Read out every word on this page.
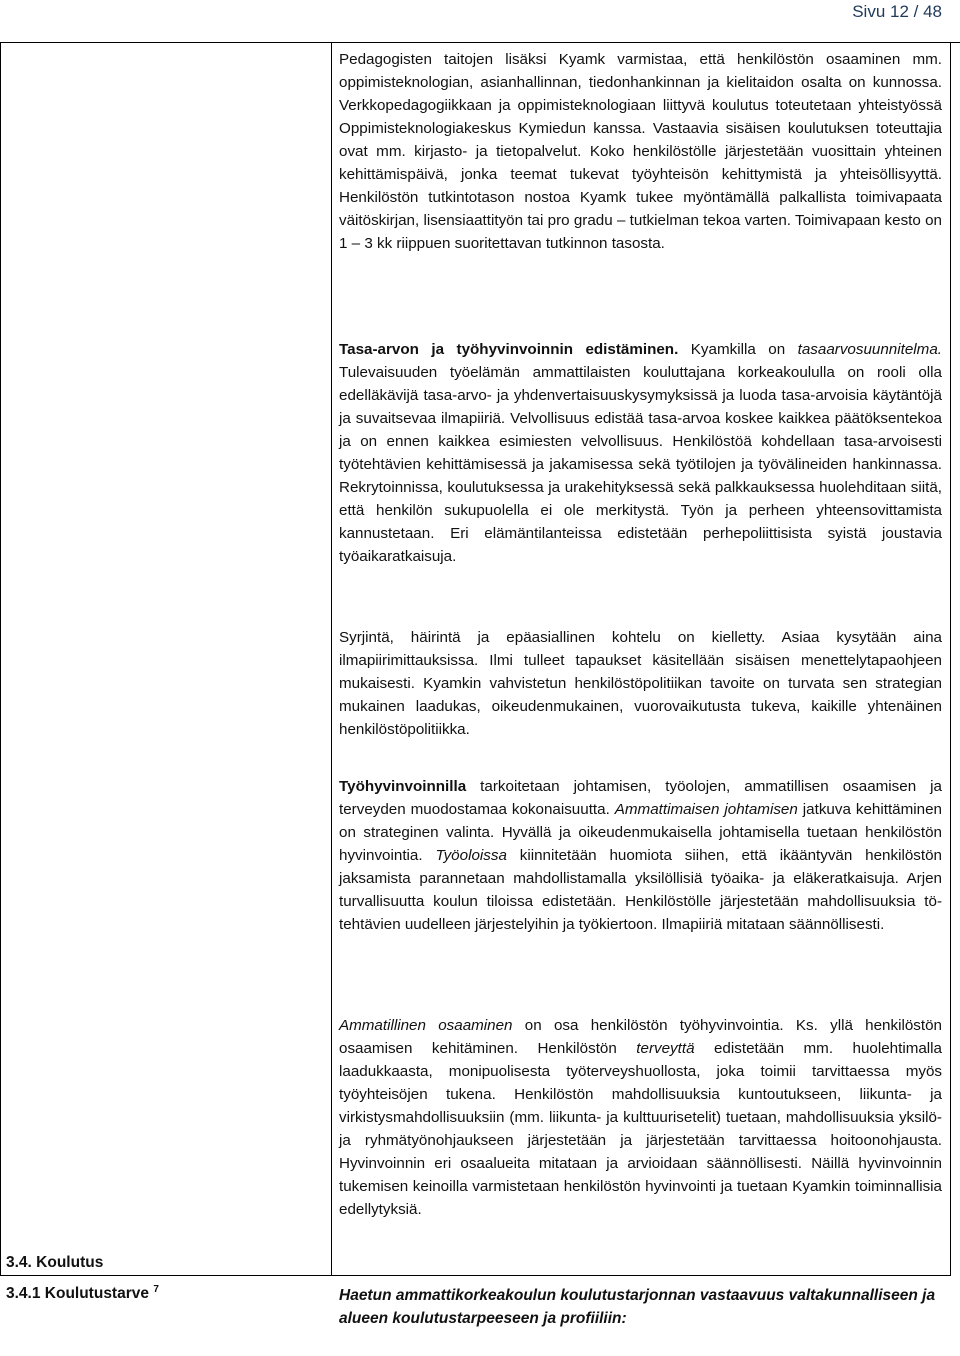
Sivu 12 / 48

Pedagogisten taitojen lisäksi Kyamk varmistaa, että henkilöstön osaaminen mm. oppimisteknologian, asianhallinnan, tiedonhankinnan ja kielitaidon osalta on kunnossa. Verkkopedagogiikkaan ja oppimisteknologiaan liittyvä koulutus toteutetaan yhteistyössä Oppimisteknologiakeskus Kymiedun kanssa. Vastaavia sisäisen koulutuksen toteuttajia ovat mm. kirjasto- ja tietopalvelut. Koko henkilöstölle järjestetään vuosittain yhteinen kehittämispäivä, jonka teemat tukevat työyhteisön kehittymistä ja yhteisöllisyyttä. Henkilöstön tutkintotason nostoa Kyamk tukee myöntämällä palkallista toimivapaata väitöskirjan, lisensiaattityön tai pro gradu – tutkielman tekoa varten. Toimivapaan kesto on 1 – 3 kk riippuen suoritettavan tutkinnon tasosta.

Tasa-arvon ja työhyvinvoinnin edistäminen. Kyamkilla on tasaarvosuunnitelma. Tulevaisuuden työelämän ammattilaisten kouluttajana korkeakoululla on rooli olla edelläkävijä tasa-arvo- ja yhdenvertaisuuskysymyksissä ja luoda tasa-arvoisia käytäntöjä ja suvaitsevaa ilmapiiriä. Velvollisuus edistää tasa-arvoa koskee kaikkea päätöksentekoa ja on ennen kaikkea esimiesten velvollisuus. Henkilöstöä kohdellaan tasa-arvoisesti työtehtävien kehittämisessä ja jakamisessa sekä työtilojen ja työvälineiden hankinnassa. Rekrytoinnissa, koulutuksessa ja urakehityksessä sekä palkkauksessa huolehditaan siitä, että henkilön sukupuolella ei ole merkitystä. Työn ja perheen yhteensovittamista kannustetaan. Eri elämäntilanteissa edistetään perhepoliittisista syistä joustavia työaikaratkaisuja.

Syrjintä, häirintä ja epäasiallinen kohtelu on kielletty. Asiaa kysytään aina ilmapiirimittauksissa. Ilmi tulleet tapaukset käsitellään sisäisen menettelytapaohjeen mukaisesti. Kyamkin vahvistetun henkilöstöpolitiikan tavoite on turvata sen strategian mukainen laadukas, oikeudenmukainen, vuorovaikutusta tukeva, kaikille yhtenäinen henkilöstöpolitiikka.

Työhyvinvoinnilla tarkoitetaan johtamisen, työolojen, ammatillisen osaamisen ja terveyden muodostamaa kokonaisuutta. Ammattimaisen johtamisen jatkuva kehittäminen on strateginen valinta. Hyvällä ja oikeudenmukaisella johtamisella tuetaan henkilöstön hyvinvointia. Työoloissa kiinnitetään huomiota siihen, että ikääntyvän henkilöstön jaksamista parannetaan mahdollistamalla yksilöllisiä työaika- ja eläkeratkaisuja. Arjen turvallisuutta koulun tiloissa edistetään. Henkilöstölle järjestetään mahdollisuuksia tötehtävien uudelleen järjestelyihin ja työkiertoon. Ilmapiiriä mitataan säännöllisesti.

Ammatillinen osaaminen on osa henkilöstön työhyvinvointia. Ks. yllä henkilöstön osaamisen kehitäminen. Henkilöstön terveyttä edistetään mm. huolehtimalla laadukkaasta, monipuolisesta työterveyshuollosta, joka toimii tarvittaessa myös työyhteisöjen tukena. Henkilöstön mahdollisuuksia kuntoutukseen, liikunta- ja virkistysmahdollisuuksiin (mm. liikunta- ja kulttuurisetelit) tuetaan, mahdollisuuksia yksilö- ja ryhmätyönohjaukseen järjestetään ja järjestetään tarvittaessa hoitoonohjausta. Hyvinvoinnin eri osaalueita mitataan ja arvioidaan säännöllisesti. Näillä hyvinvoinnin tukemisen keinoilla varmistetaan henkilöstön hyvinvointi ja tuetaan Kyamkin toiminnallisia edellytyksiä.

3.4. Koulutus
3.4.1 Koulutustarve $^7$	Haetun ammattikorkeakoulun koulutustarjonnan vastaavuus valtakunnalliseen ja alueen koulutustarpeeseen ja profiiliin:
